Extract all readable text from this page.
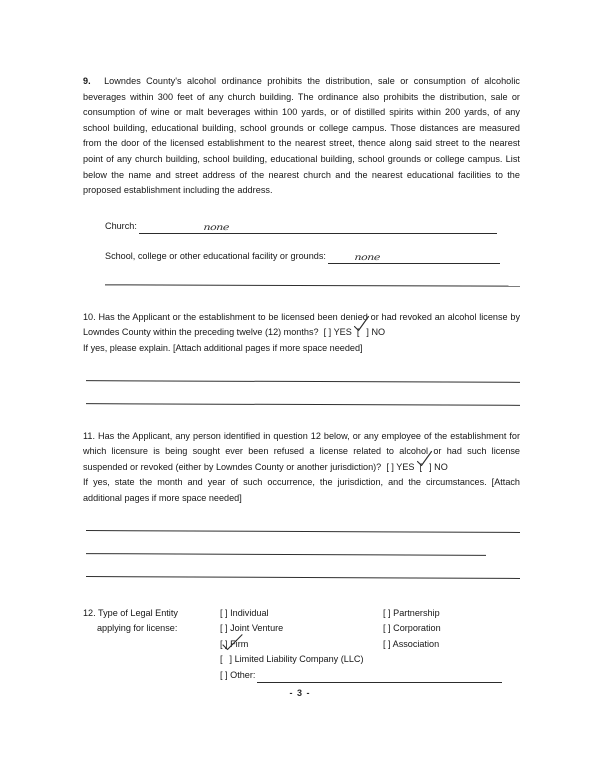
9. Lowndes County's alcohol ordinance prohibits the distribution, sale or consumption of alcoholic beverages within 300 feet of any church building. The ordinance also prohibits the distribution, sale or consumption of wine or malt beverages within 100 yards, or of distilled spirits within 200 yards, of any school building, educational building, school grounds or college campus. Those distances are measured from the door of the licensed establishment to the nearest street, thence along said street to the nearest point of any church building, school building, educational building, school grounds or college campus. List below the name and street address of the nearest church and the nearest educational facilities to the proposed establishment including the address.
Church:	none
School, college or other educational facility or grounds:	none
10. Has the Applicant or the establishment to be licensed been denied or had revoked an alcohol license by Lowndes County within the preceding twelve (12) months? [ ] YES [ ] NO
If yes, please explain. [Attach additional pages if more space needed]
11. Has the Applicant, any person identified in question 12 below, or any employee of the establishment for which licensure is being sought ever been refused a license related to alcohol or had such license suspended or revoked (either by Lowndes County or another jurisdiction)? [ ] YES [ ] NO
If yes, state the month and year of such occurrence, the jurisdiction, and the circumstances. [Attach additional pages if more space needed]
12. Type of Legal Entity
applying for license:
[ ] Individual
[ ] Joint Venture
[ ] Firm
[ ] Limited Liability Company (LLC)
[ ] Other:
[ ] Partnership
[ ] Corporation
[ ] Association
- 3 -
